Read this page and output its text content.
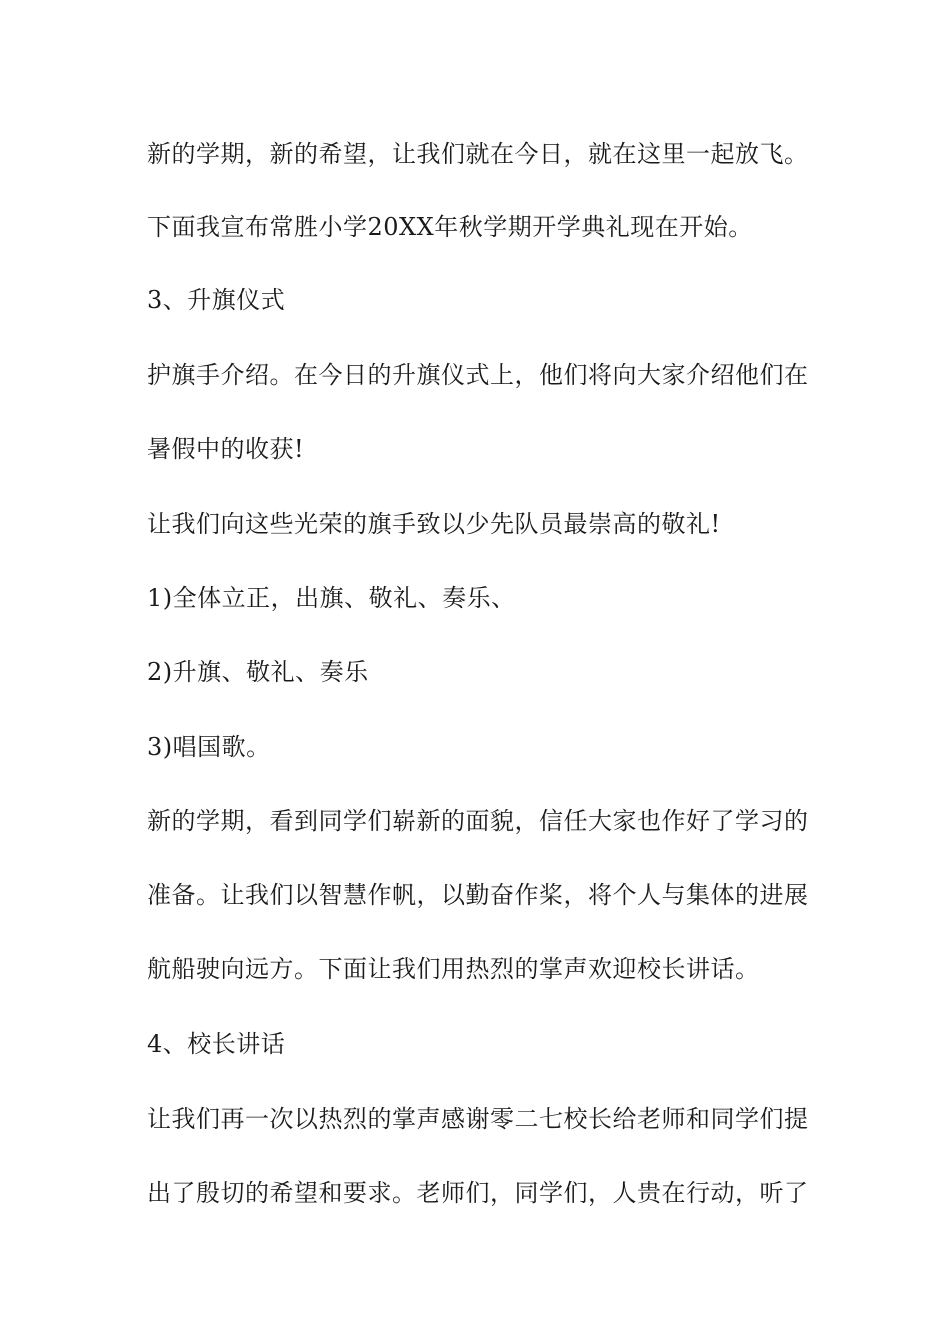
新的学期，新的希望，让我们就在今日，就在这里一起放飞。

下面我宣布常胜小学20XX年秋学期开学典礼现在开始。

3、升旗仪式

护旗手介绍。在今日的升旗仪式上，他们将向大家介绍他们在

暑假中的收获!

让我们向这些光荣的旗手致以少先队员最崇高的敬礼!

1)全体立正，出旗、敬礼、奏乐、

2)升旗、敬礼、奏乐

3)唱国歌。

新的学期，看到同学们崭新的面貌，信任大家也作好了学习的

准备。让我们以智慧作帆，以勤奋作桨，将个人与集体的进展

航船驶向远方。下面让我们用热烈的掌声欢迎校长讲话。

4、校长讲话

让我们再一次以热烈的掌声感谢零二七校长给老师和同学们提

出了殷切的希望和要求。老师们，同学们，人贵在行动，听了
